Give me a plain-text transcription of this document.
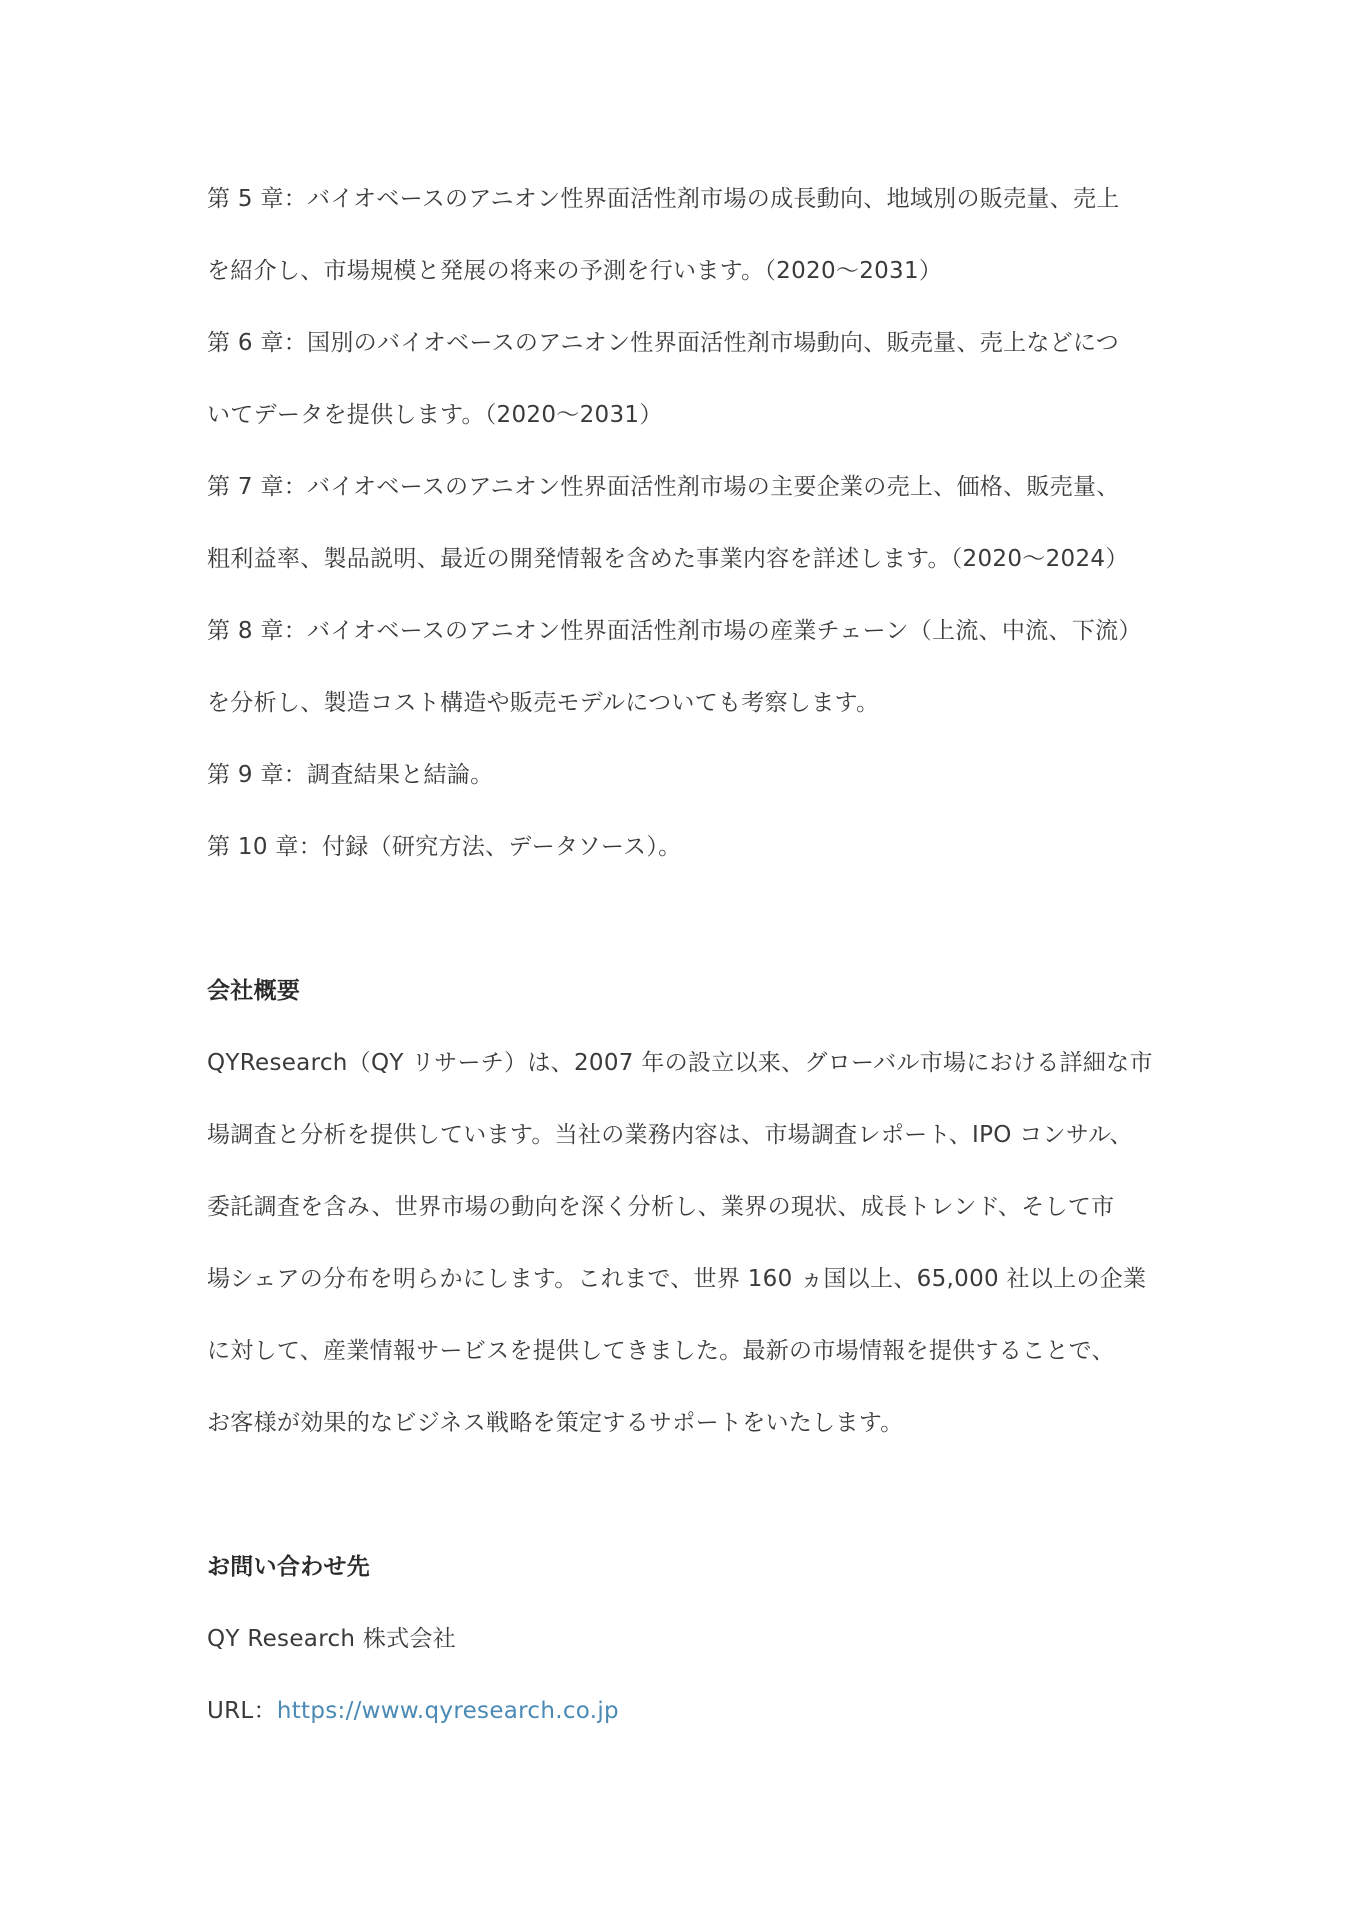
第 5 章：バイオベースのアニオン性界面活性剤市場の成長動向、地域別の販売量、売上
を紹介し、市場規模と発展の将来の予測を行います。（2020～2031）
第 6 章：国別のバイオベースのアニオン性界面活性剤市場動向、販売量、売上などにつ
いてデータを提供します。（2020～2031）
第 7 章：バイオベースのアニオン性界面活性剤市場の主要企業の売上、価格、販売量、
粗利益率、製品説明、最近の開発情報を含めた事業内容を詳述します。（2020～2024）
第 8 章：バイオベースのアニオン性界面活性剤市場の産業チェーン（上流、中流、下流）
を分析し、製造コスト構造や販売モデルについても考察します。
第 9 章：調査結果と結論。
第 10 章：付録（研究方法、データソース）。
会社概要
QYResearch（QY リサーチ）は、2007 年の設立以来、グローバル市場における詳細な市
場調査と分析を提供しています。当社の業務内容は、市場調査レポート、IPO コンサル、
委託調査を含み、世界市場の動向を深く分析し、業界の現状、成長トレンド、そして市
場シェアの分布を明らかにします。これまで、世界 160 ヵ国以上、65,000 社以上の企業
に対して、産業情報サービスを提供してきました。最新の市場情報を提供することで、
お客様が効果的なビジネス戦略を策定するサポートをいたします。
お問い合わせ先
QY Research 株式会社
URL：https://www.qyresearch.co.jp
